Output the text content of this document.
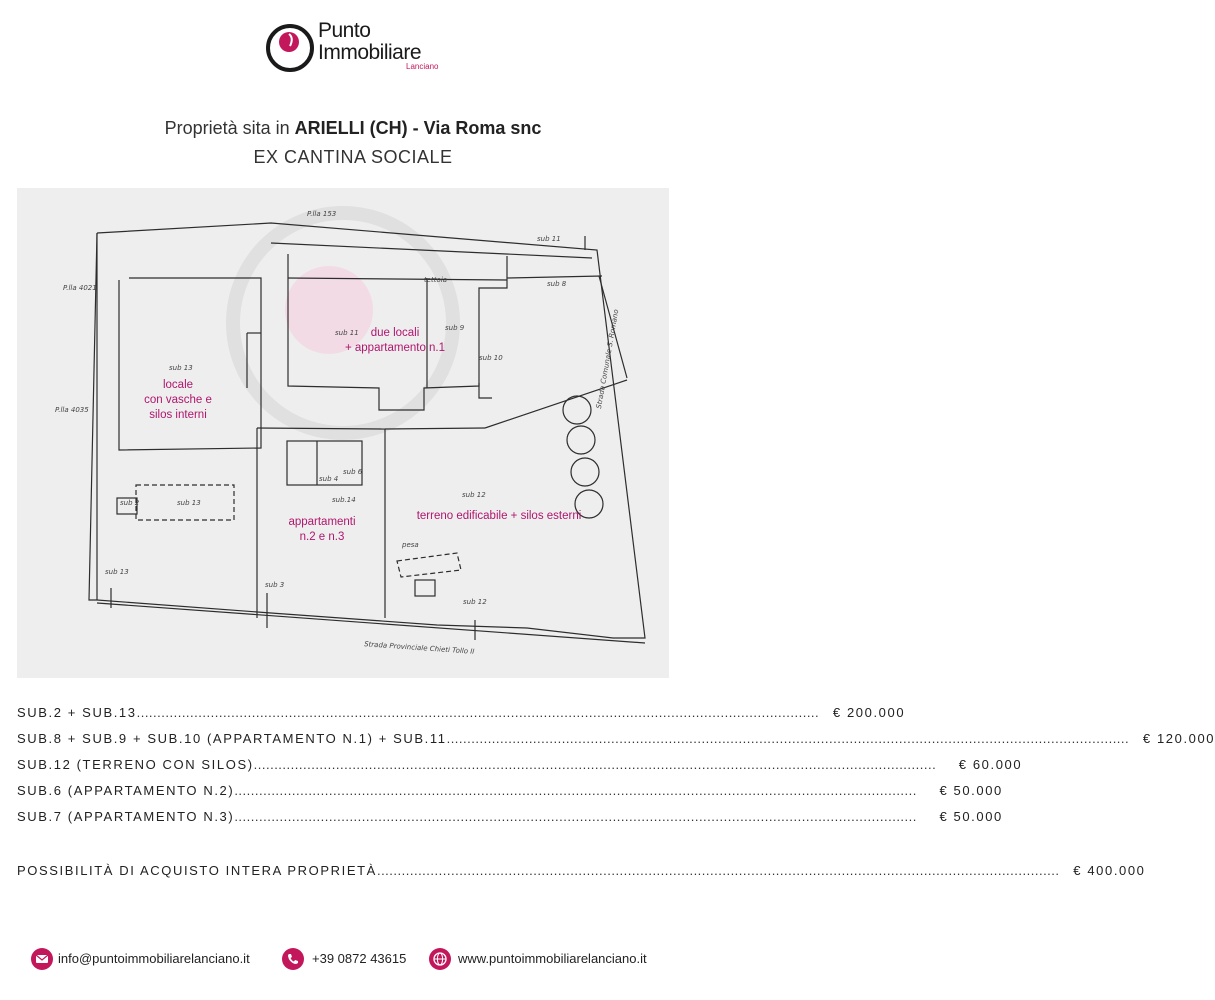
Punto
Immobiliare
Lanciano
Proprietà sita in ARIELLI (CH) - Via Roma snc
EX CANTINA SOCIALE
P.lla 153
P.lla 4021
P.lla 4035
sub 11
sub 8
tettoia
sub 11
sub 9
sub 10
sub 13
sub 4
sub 6
sub.14
sub 12
sub 2	sub 13
sub 13
sub 3
sub 12
pesa
Strada Provinciale Chieti Tollo II
Strada Comunale S. Romano
due locali
+ appartamento n.1
locale
con vasche e
silos interni
appartamenti
n.2 e n.3
terreno edificabile + silos esterni
SUB.2 + SUB.13 ......................................................................................................................................................................	€ 200.000
SUB.8 + SUB.9 + SUB.10 (APPARTAMENTO N.1) + SUB.11 ......................................................................................................................................................................	€ 120.000
SUB.12 (TERRENO CON SILOS) ......................................................................................................................................................................	€ 60.000
SUB.6 (APPARTAMENTO N.2) ......................................................................................................................................................................	€ 50.000
SUB.7 (APPARTAMENTO N.3) ......................................................................................................................................................................	€ 50.000
POSSIBILITÀ DI ACQUISTO INTERA PROPRIETÀ ......................................................................................................................................................................	€ 400.000
info@puntoimmobiliarelanciano.it	+39 0872 43615	www.puntoimmobiliarelanciano.it
